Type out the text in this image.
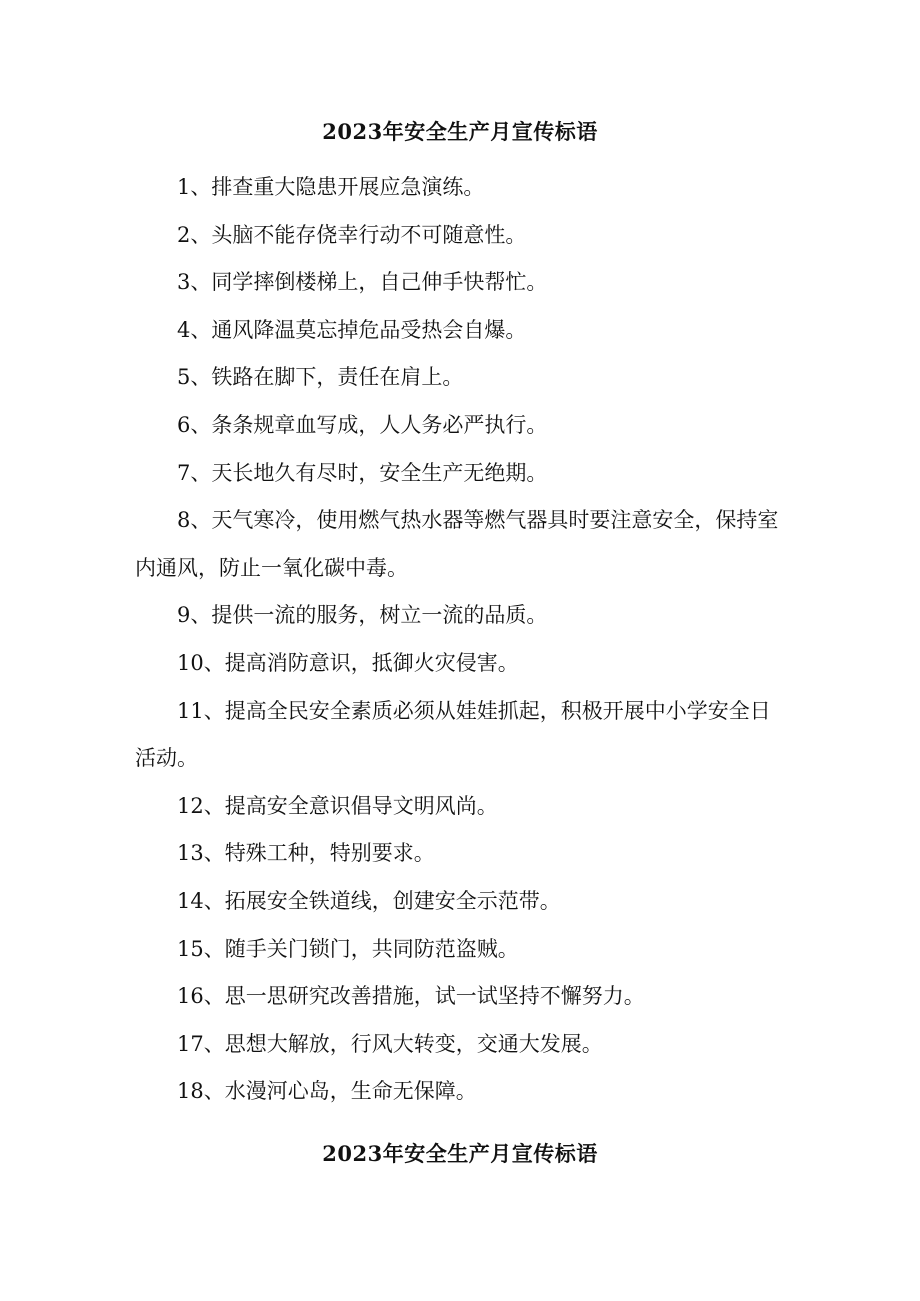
2023年安全生产月宣传标语
1、排查重大隐患开展应急演练。
2、头脑不能存侥幸行动不可随意性。
3、同学摔倒楼梯上，自己伸手快帮忙。
4、通风降温莫忘掉危品受热会自爆。
5、铁路在脚下，责任在肩上。
6、条条规章血写成，人人务必严执行。
7、天长地久有尽时，安全生产无绝期。
8、天气寒冷，使用燃气热水器等燃气器具时要注意安全，保持室内通风，防止一氧化碳中毒。
9、提供一流的服务，树立一流的品质。
10、提高消防意识，抵御火灾侵害。
11、提高全民安全素质必须从娃娃抓起，积极开展中小学安全日活动。
12、提高安全意识倡导文明风尚。
13、特殊工种，特别要求。
14、拓展安全铁道线，创建安全示范带。
15、随手关门锁门，共同防范盗贼。
16、思一思研究改善措施，试一试坚持不懈努力。
17、思想大解放，行风大转变，交通大发展。
18、水漫河心岛，生命无保障。
2023年安全生产月宣传标语
